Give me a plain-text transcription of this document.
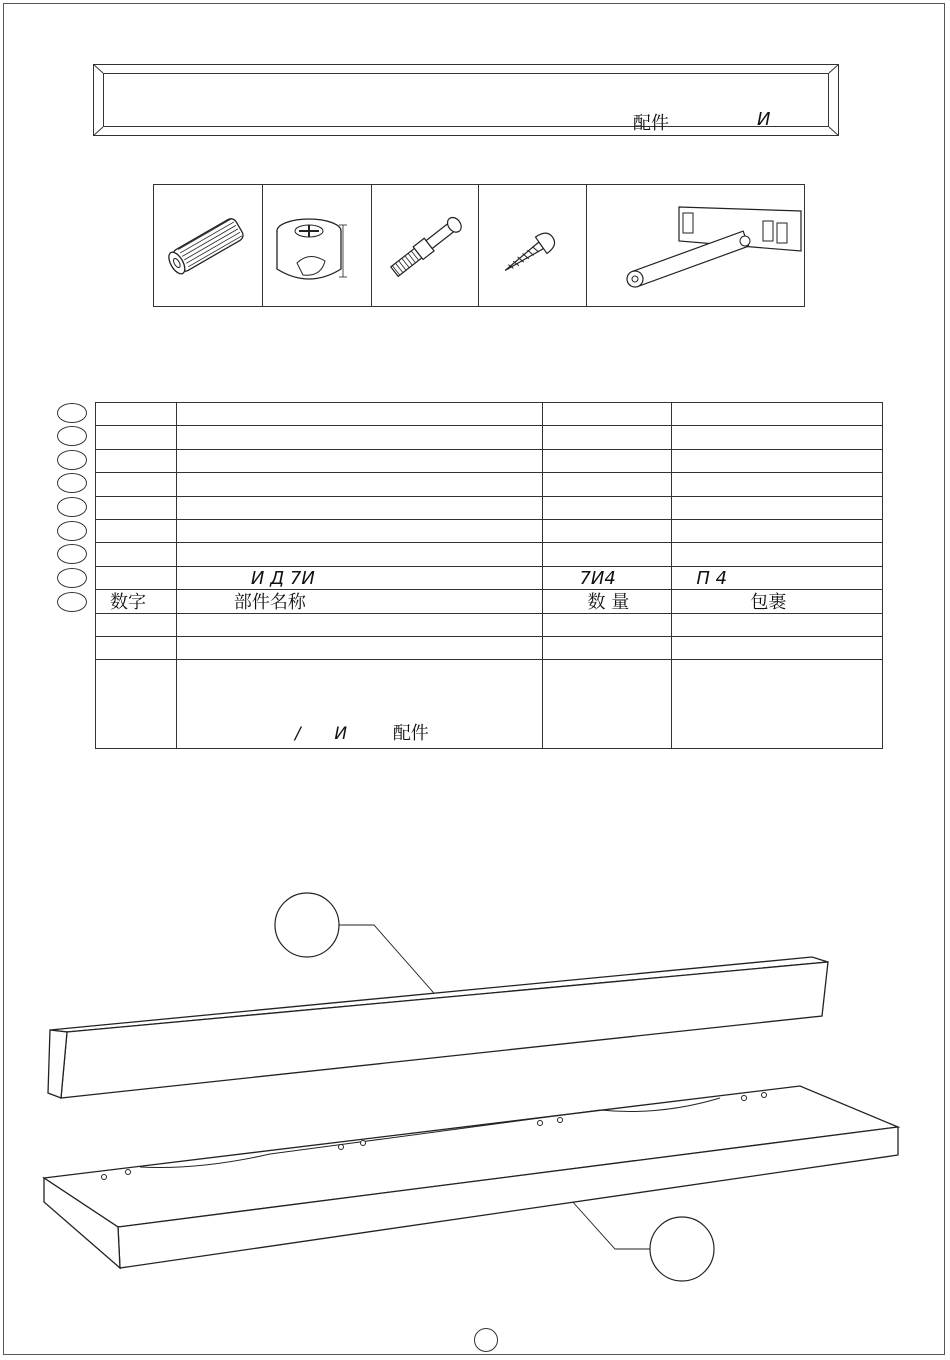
配件	И

	И Д 7И	7И4	П 4
数字	部件名称	数 量	包裹

	/ И 配件		
